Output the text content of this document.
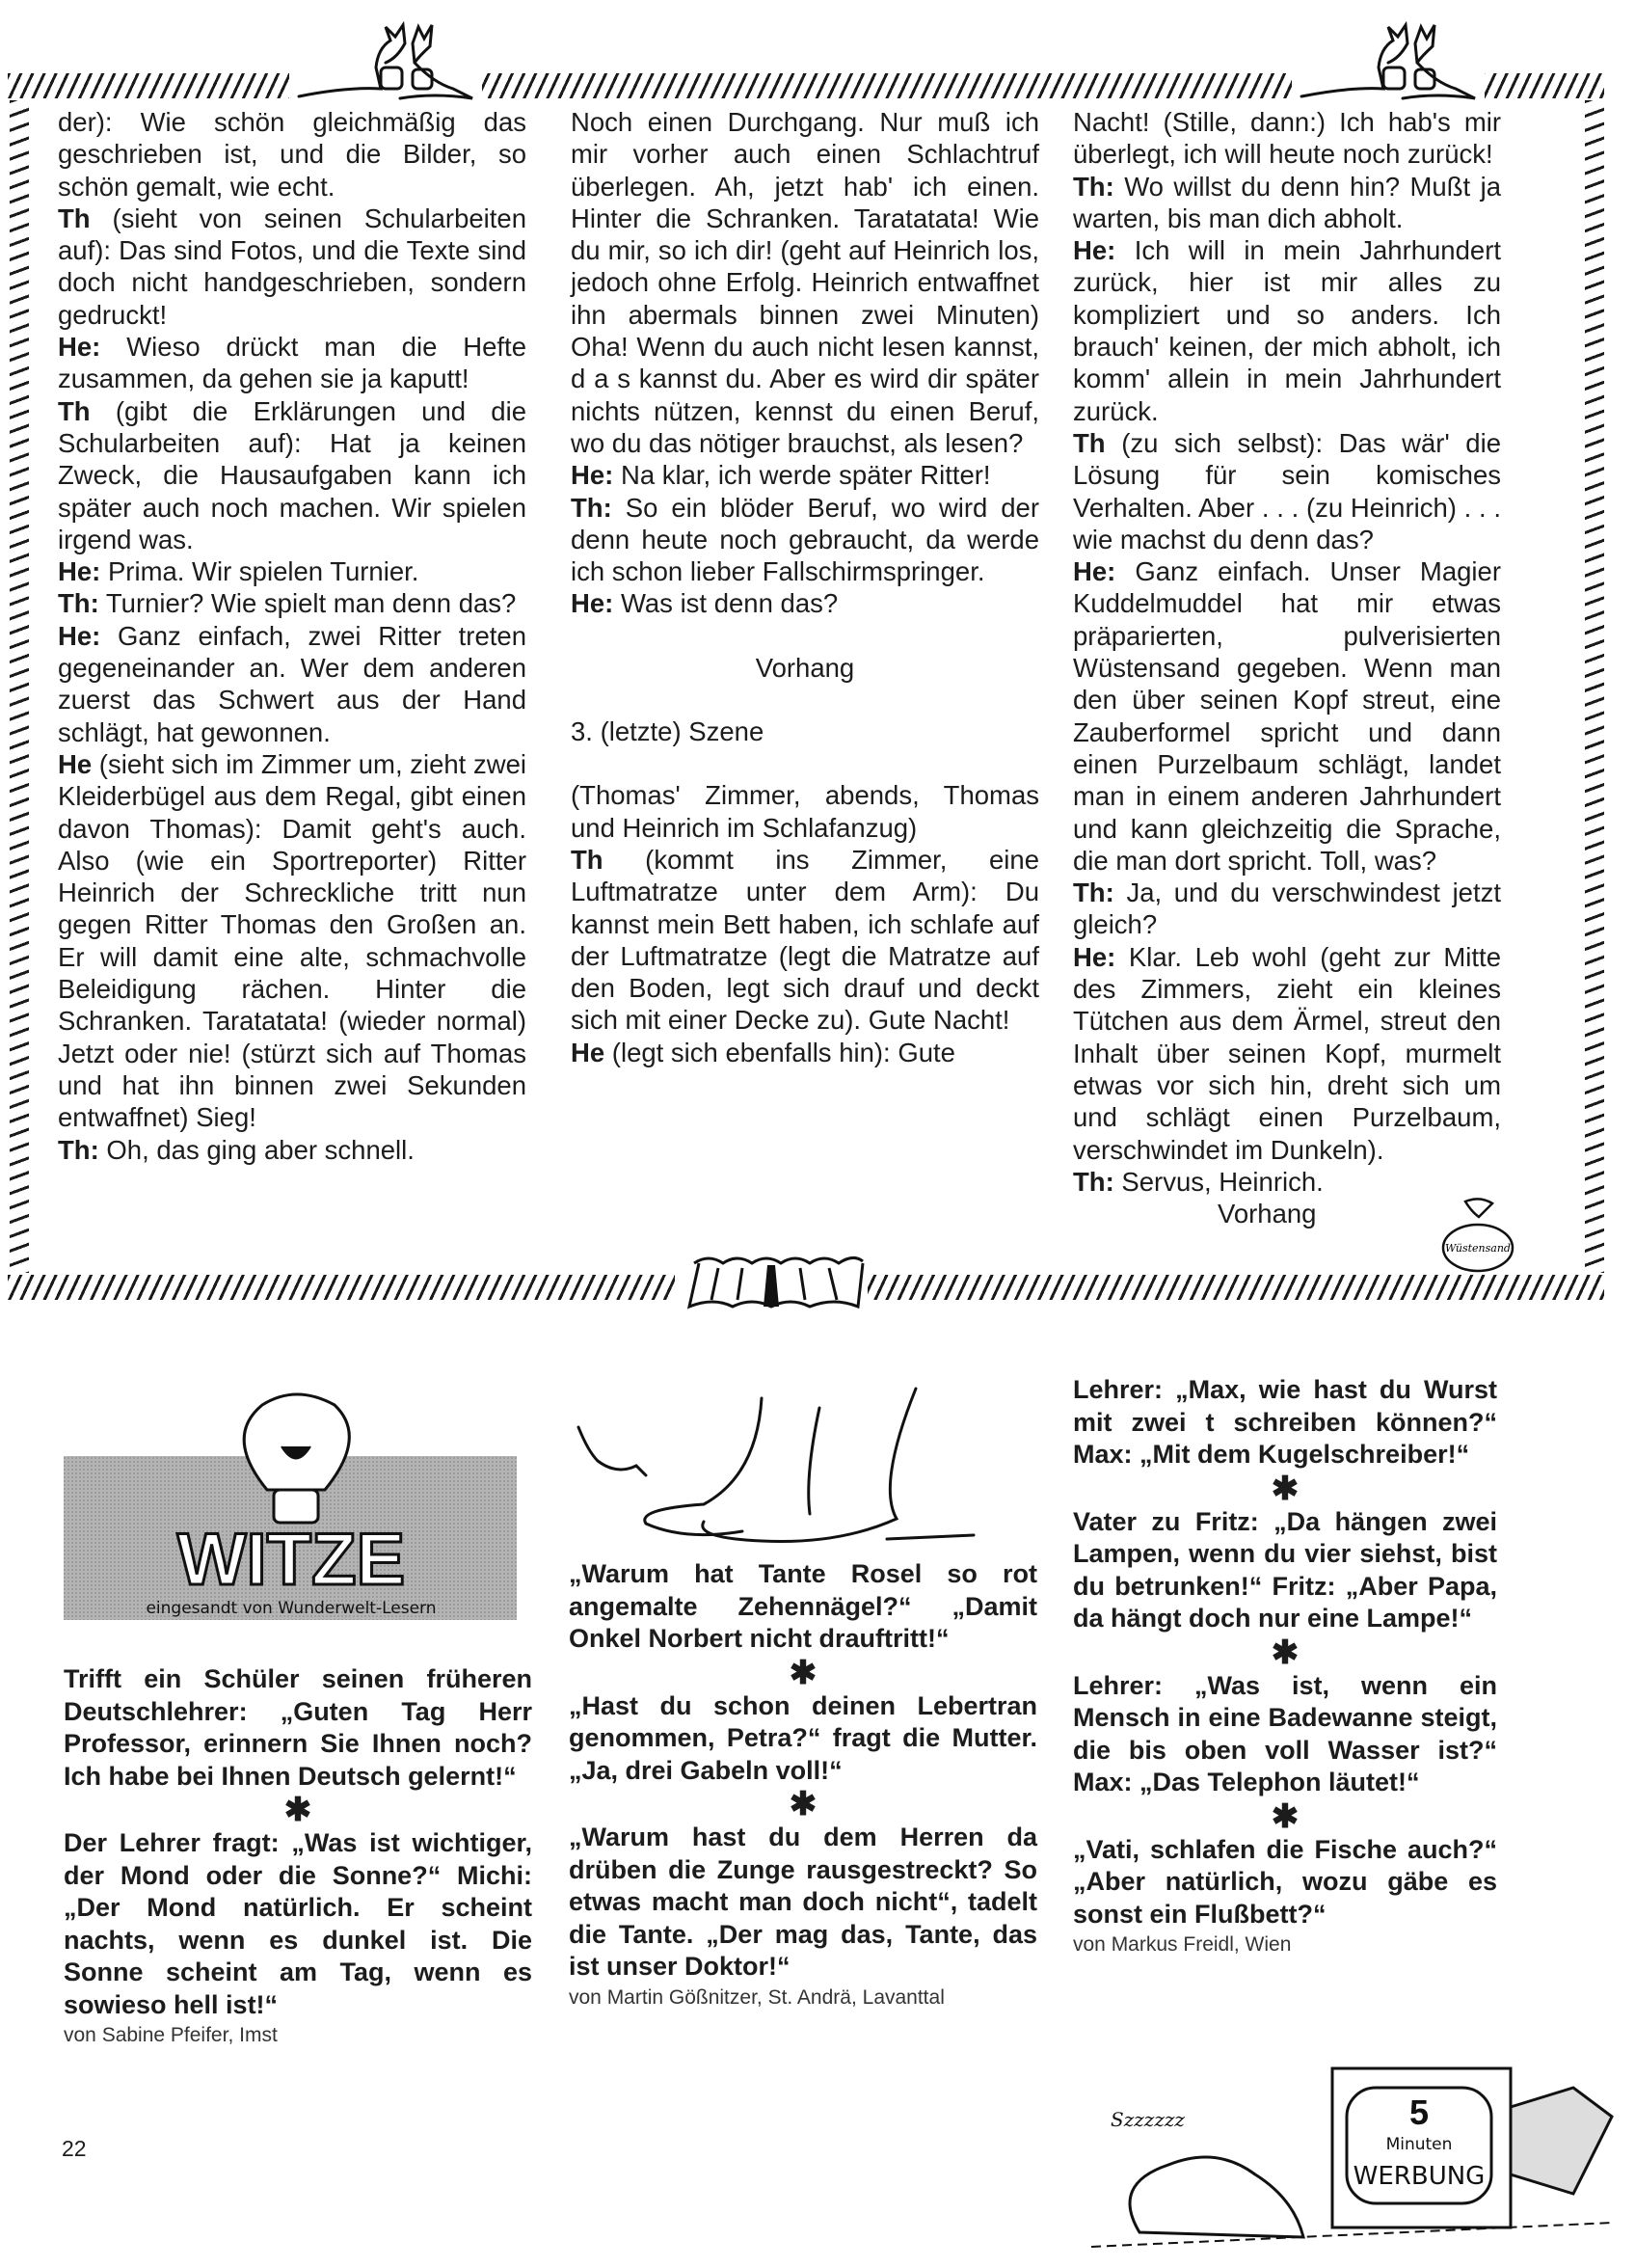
der): Wie schön gleichmäßig das geschrieben ist, und die Bilder, so schön gemalt, wie echt.

Th (sieht von seinen Schularbeiten auf): Das sind Fotos, und die Texte sind doch nicht handgeschrieben, sondern gedruckt!

He: Wieso drückt man die Hefte zusammen, da gehen sie ja kaputt!

Th (gibt die Erklärungen und die Schularbeiten auf): Hat ja keinen Zweck, die Hausaufgaben kann ich später auch noch machen. Wir spielen irgend was.

He: Prima. Wir spielen Turnier.

Th: Turnier? Wie spielt man denn das?

He: Ganz einfach, zwei Ritter treten gegeneinander an. Wer dem anderen zuerst das Schwert aus der Hand schlägt, hat gewonnen.

He (sieht sich im Zimmer um, zieht zwei Kleiderbügel aus dem Regal, gibt einen davon Thomas): Damit geht's auch. Also (wie ein Sportreporter) Ritter Heinrich der Schreckliche tritt nun gegen Ritter Thomas den Großen an. Er will damit eine alte, schmachvolle Beleidigung rächen. Hinter die Schranken. Taratatata! (wieder normal) Jetzt oder nie! (stürzt sich auf Thomas und hat ihn binnen zwei Sekunden entwaffnet) Sieg!

Th: Oh, das ging aber schnell.

Noch einen Durchgang. Nur muß ich mir vorher auch einen Schlachtruf überlegen. Ah, jetzt hab' ich einen. Hinter die Schranken. Taratatata! Wie du mir, so ich dir! (geht auf Heinrich los, jedoch ohne Erfolg. Heinrich entwaffnet ihn abermals binnen zwei Minuten) Oha! Wenn du auch nicht lesen kannst, d a s kannst du. Aber es wird dir später nichts nützen, kennst du einen Beruf, wo du das nötiger brauchst, als lesen?

He: Na klar, ich werde später Ritter!

Th: So ein blöder Beruf, wo wird der denn heute noch gebraucht, da werde ich schon lieber Fallschirmspringer.

He: Was ist denn das?

Vorhang

3. (letzte) Szene

(Thomas' Zimmer, abends, Thomas und Heinrich im Schlafanzug)

Th (kommt ins Zimmer, eine Luftmatratze unter dem Arm): Du kannst mein Bett haben, ich schlafe auf der Luftmatratze (legt die Matratze auf den Boden, legt sich drauf und deckt sich mit einer Decke zu). Gute Nacht!

He (legt sich ebenfalls hin): Gute

Nacht! (Stille, dann:) Ich hab's mir überlegt, ich will heute noch zurück!

Th: Wo willst du denn hin? Mußt ja warten, bis man dich abholt.

He: Ich will in mein Jahrhundert zurück, hier ist mir alles zu kompliziert und so anders. Ich brauch' keinen, der mich abholt, ich komm' allein in mein Jahrhundert zurück.

Th (zu sich selbst): Das wär' die Lösung für sein komisches Verhalten. Aber . . . (zu Heinrich) . . . wie machst du denn das?

He: Ganz einfach. Unser Magier Kuddelmuddel hat mir etwas präparierten, pulverisierten Wüstensand gegeben. Wenn man den über seinen Kopf streut, eine Zauberformel spricht und dann einen Purzelbaum schlägt, landet man in einem anderen Jahrhundert und kann gleichzeitig die Sprache, die man dort spricht. Toll, was?

Th: Ja, und du verschwindest jetzt gleich?

He: Klar. Leb wohl (geht zur Mitte des Zimmers, zieht ein kleines Tütchen aus dem Ärmel, streut den Inhalt über seinen Kopf, murmelt etwas vor sich hin, dreht sich um und schlägt einen Purzelbaum, verschwindet im Dunkeln).

Th: Servus, Heinrich.

Vorhang

Wüstensand
WITZE
eingesandt von Wunderwelt-Lesern

Trifft ein Schüler seinen früheren Deutschlehrer: „Guten Tag Herr Professor, erinnern Sie Ihnen noch? Ich habe bei Ihnen Deutsch gelernt!“

✱

Der Lehrer fragt: „Was ist wichtiger, der Mond oder die Sonne?“ Michi: „Der Mond natürlich. Er scheint nachts, wenn es dunkel ist. Die Sonne scheint am Tag, wenn es sowieso hell ist!“

von Sabine Pfeifer, Imst

„Warum hat Tante Rosel so rot angemalte Zehennägel?“ „Damit Onkel Norbert nicht drauftritt!“

✱

„Hast du schon deinen Lebertran genommen, Petra?“ fragt die Mutter. „Ja, drei Gabeln voll!“

✱

„Warum hast du dem Herren da drüben die Zunge rausgestreckt? So etwas macht man doch nicht“, tadelt die Tante. „Der mag das, Tante, das ist unser Doktor!“

von Martin Gößnitzer, St. Andrä, Lavanttal

Lehrer: „Max, wie hast du Wurst mit zwei t schreiben können?“ Max: „Mit dem Kugelschreiber!“

✱

Vater zu Fritz: „Da hängen zwei Lampen, wenn du vier siehst, bist du betrunken!“ Fritz: „Aber Papa, da hängt doch nur eine Lampe!“

✱

Lehrer: „Was ist, wenn ein Mensch in eine Badewanne steigt, die bis oben voll Wasser ist?“ Max: „Das Telephon läutet!“

✱

„Vati, schlafen die Fische auch?“ „Aber natürlich, wozu gäbe es sonst ein Flußbett?“

von Markus Freidl, Wien

Szzzzzz	5
Minuten
WERBUNG
22
